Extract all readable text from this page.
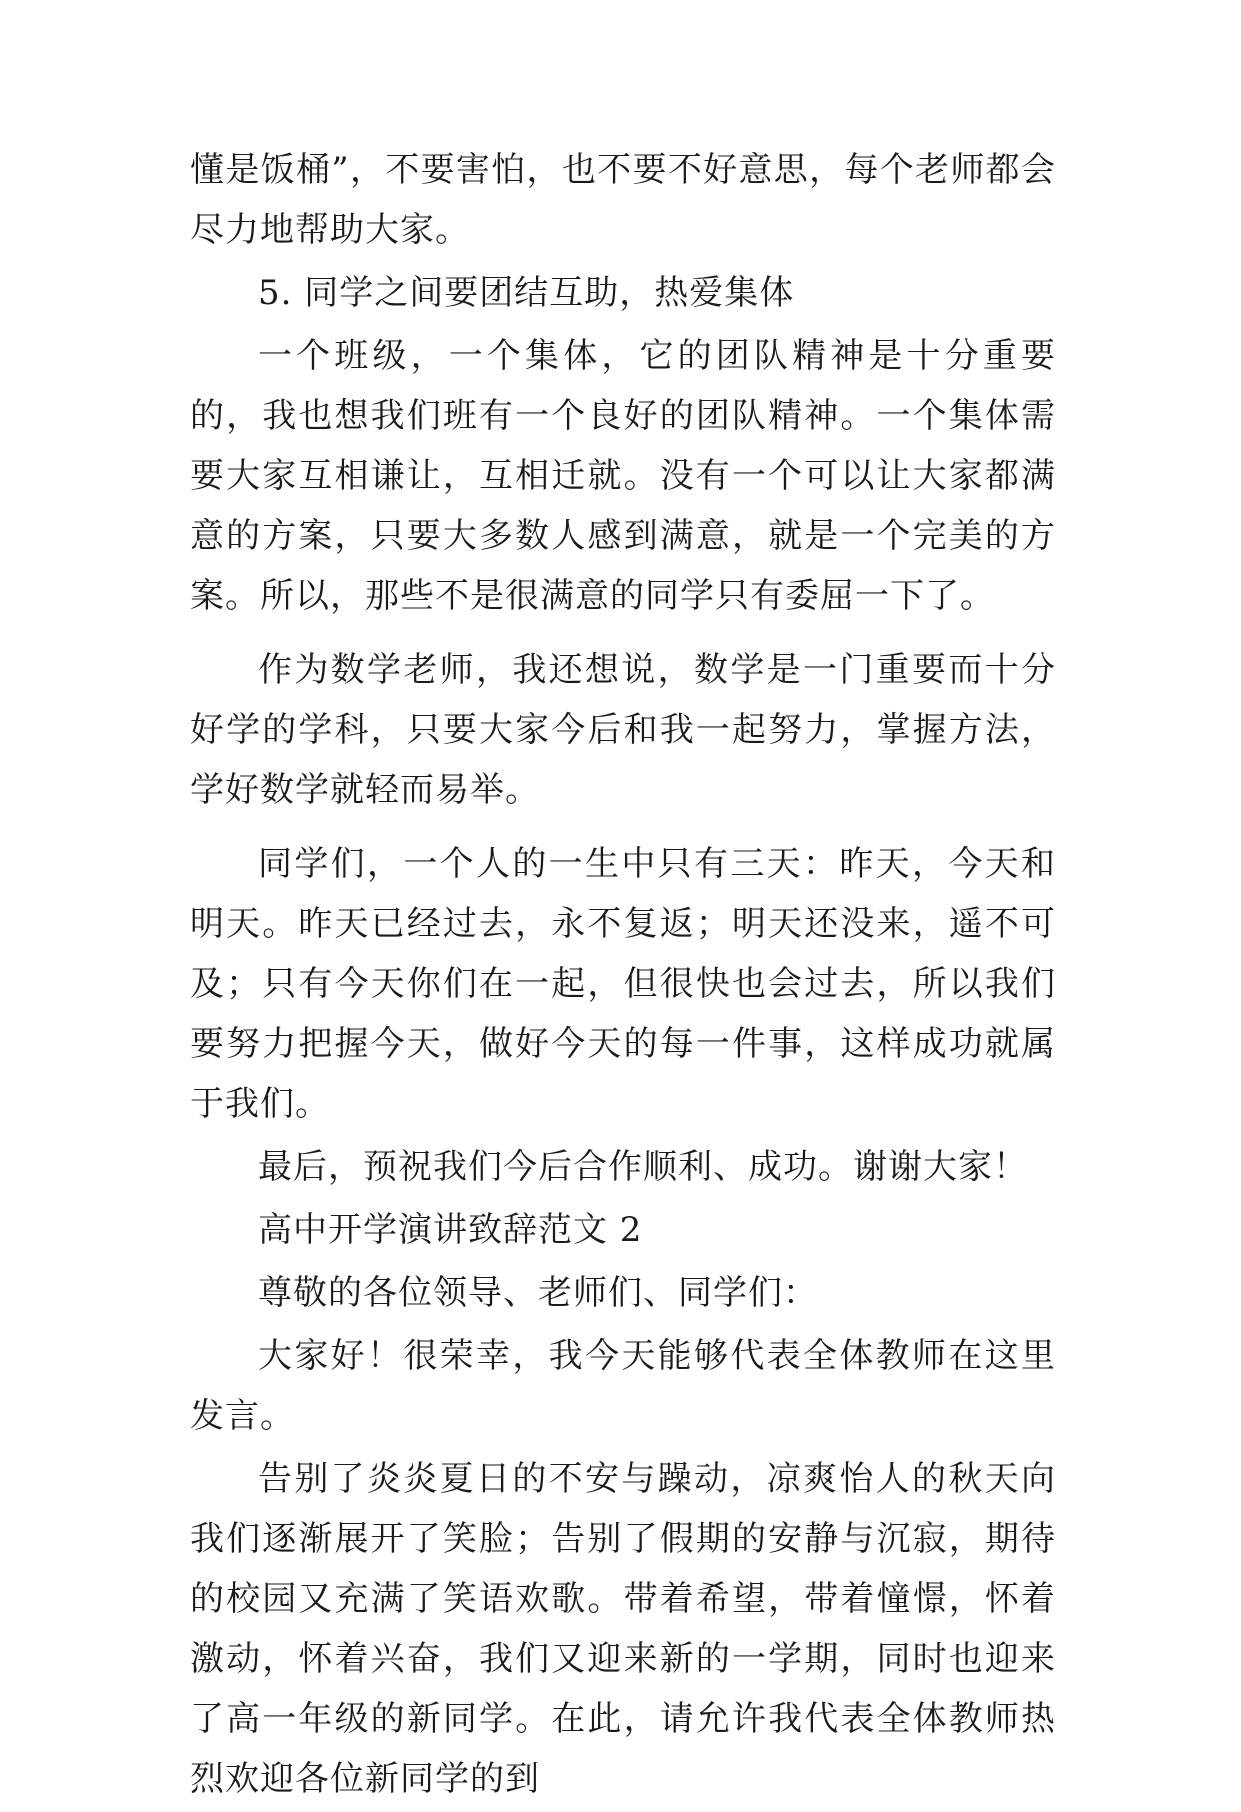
懂是饭桶”，不要害怕，也不要不好意思，每个老师都会尽力地帮助大家。

5. 同学之间要团结互助，热爱集体

一个班级，一个集体，它的团队精神是十分重要的，我也想我们班有一个良好的团队精神。一个集体需要大家互相谦让，互相迁就。没有一个可以让大家都满意的方案，只要大多数人感到满意，就是一个完美的方案。所以，那些不是很满意的同学只有委屈一下了。

作为数学老师，我还想说，数学是一门重要而十分好学的学科，只要大家今后和我一起努力，掌握方法，学好数学就轻而易举。

同学们，一个人的一生中只有三天：昨天，今天和明天。昨天已经过去，永不复返；明天还没来，遥不可及；只有今天你们在一起，但很快也会过去，所以我们要努力把握今天，做好今天的每一件事，这样成功就属于我们。

最后，预祝我们今后合作顺利、成功。谢谢大家！

高中开学演讲致辞范文 2

尊敬的各位领导、老师们、同学们：

大家好！很荣幸，我今天能够代表全体教师在这里发言。

告别了炎炎夏日的不安与躁动，凉爽怡人的秋天向我们逐渐展开了笑脸；告别了假期的安静与沉寂，期待的校园又充满了笑语欢歌。带着希望，带着憧憬，怀着激动，怀着兴奋，我们又迎来新的一学期，同时也迎来了高一年级的新同学。在此，请允许我代表全体教师热烈欢迎各位新同学的到
